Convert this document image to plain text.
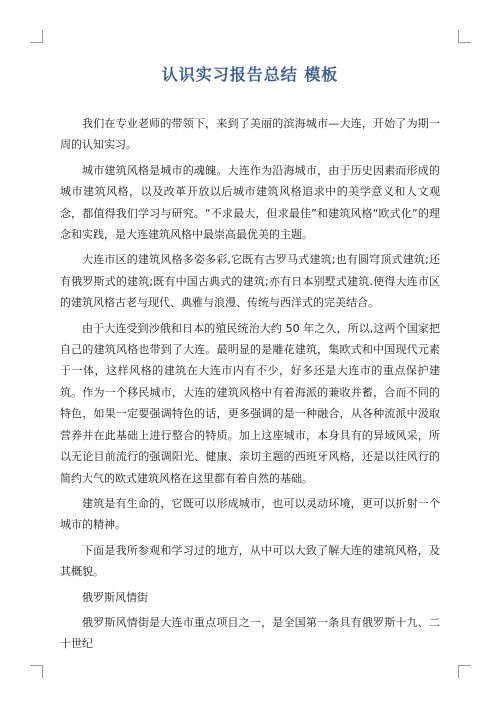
认识实习报告总结 模板

我们在专业老师的带领下，来到了美丽的滨海城市—大连，开始了为期一周的认知实习。

城市建筑风格是城市的魂魄。大连作为沿海城市，由于历史因素而形成的城市建筑风格，以及改革开放以后城市建筑风格追求中的美学意义和人文观念，都值得我们学习与研究。“不求最大，但求最佳”和建筑风格“欧式化”的理念和实践，是大连建筑风格中最崇高最优美的主题。

大连市区的建筑风格多姿多彩,它既有古罗马式建筑;也有圆穹顶式建筑;还有俄罗斯式的建筑;既有中国古典式的建筑;亦有日本别墅式建筑.使得大连市区的建筑风格古老与现代、典雅与浪漫、传统与西洋式的完美结合。

由于大连受到沙俄和日本的殖民统治大约 50 年之久，所以,这两个国家把自己的建筑风格也带到了大连。最明显的是雕花建筑，集欧式和中国现代元素于一体，这样风格的建筑在大连市内有不少，好多还是大连市的重点保护建筑。作为一个移民城市，大连的建筑风格中有着海派的兼收并蓄，合而不同的特色，如果一定要强调特色的话，更多强调的是一种融合，从各种流派中汲取营养并在此基础上进行整合的特质。加上这座城市，本身具有的异域风采，所以无论目前流行的强调阳光、健康、亲切主题的西班牙风格，还是以往风行的简约大气的欧式建筑风格在这里都有着自然的基础。

建筑是有生命的，它既可以形成城市，也可以灵动环境，更可以折射一个城市的精神。

下面是我所参观和学习过的地方，从中可以大致了解大连的建筑风格，及其概貌。

俄罗斯风情街

俄罗斯风情街是大连市重点项目之一，是全国第一条具有俄罗斯十九、二十世纪
